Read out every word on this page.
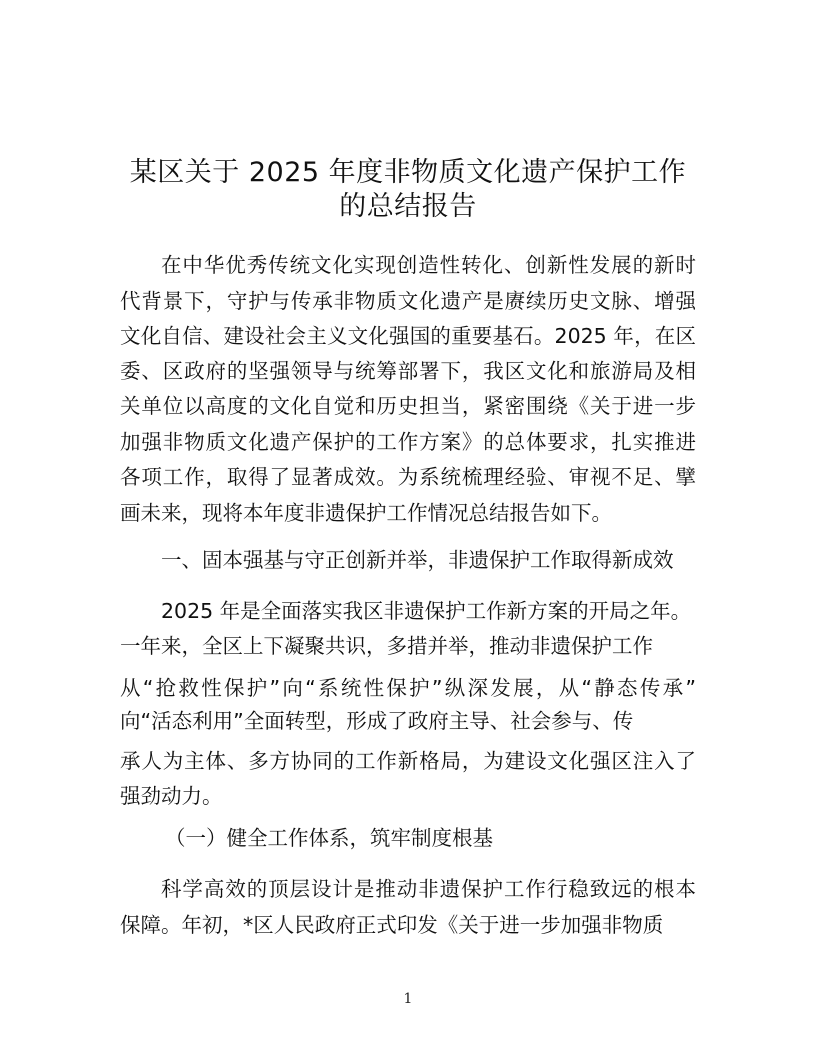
某区关于 2025 年度非物质文化遗产保护工作
的总结报告
在中华优秀传统文化实现创造性转化、创新性发展的新时
代背景下，守护与传承非物质文化遗产是赓续历史文脉、增强
文化自信、建设社会主义文化强国的重要基石。2025 年，在区
委、区政府的坚强领导与统筹部署下，我区文化和旅游局及相
关单位以高度的文化自觉和历史担当，紧密围绕《关于进一步
加强非物质文化遗产保护的工作方案》的总体要求，扎实推进
各项工作，取得了显著成效。为系统梳理经验、审视不足、擘
画未来，现将本年度非遗保护工作情况总结报告如下。
一、固本强基与守正创新并举，非遗保护工作取得新成效
2025 年是全面落实我区非遗保护工作新方案的开局之年。
一年来，全区上下凝聚共识，多措并举，推动非遗保护工作
从“抢救性保护”向“系统性保护”纵深发展，从“静态传承”
向“活态利用”全面转型，形成了政府主导、社会参与、传
承人为主体、多方协同的工作新格局，为建设文化强区注入了
强劲动力。
（一）健全工作体系，筑牢制度根基
科学高效的顶层设计是推动非遗保护工作行稳致远的根本
保障。年初，*区人民政府正式印发《关于进一步加强非物质
1
